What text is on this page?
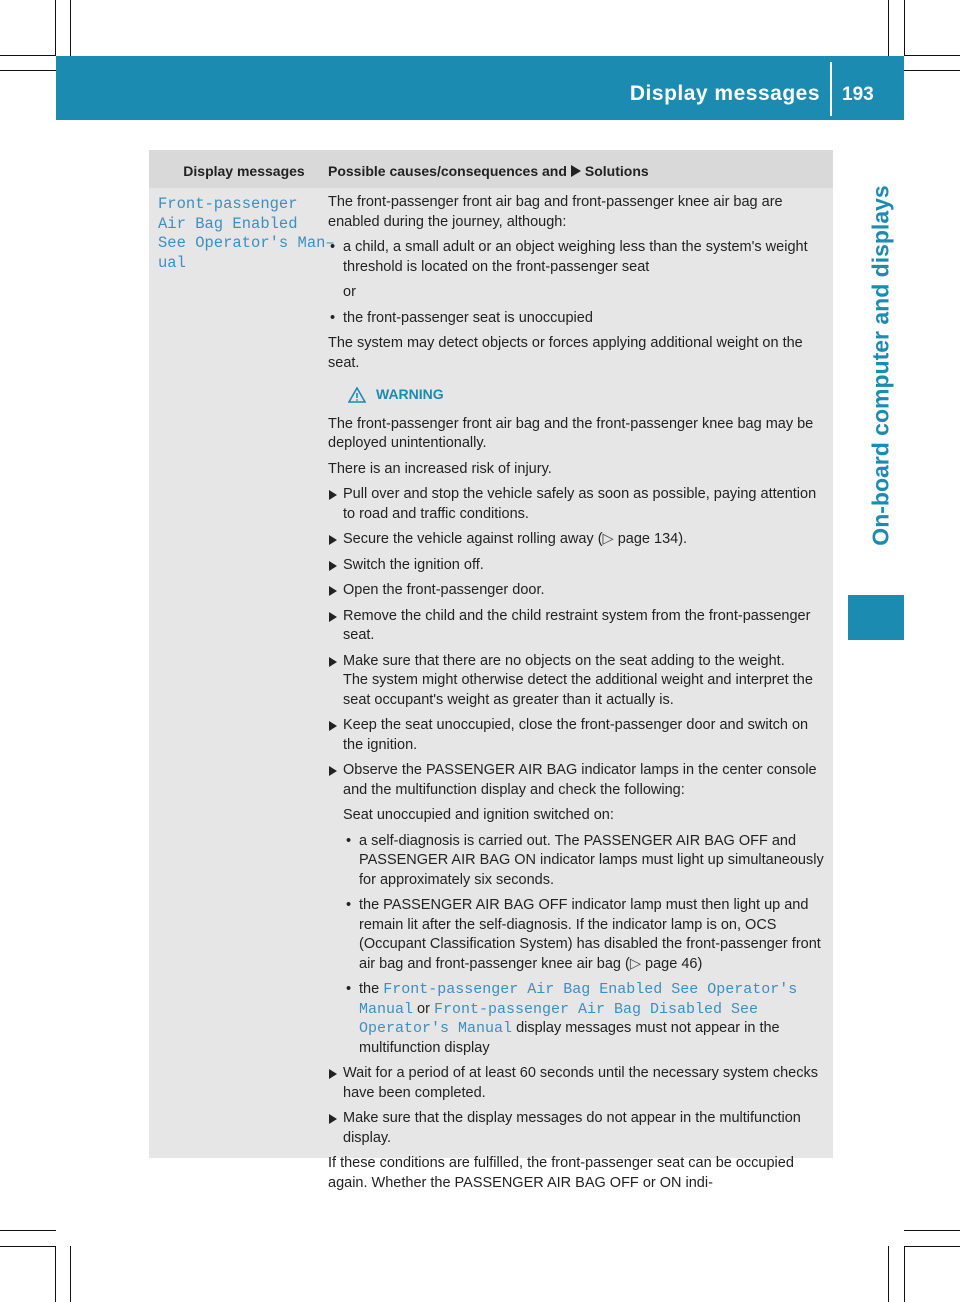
Display messages 193
On-board computer and displays
Display messages	Possible causes/consequences and Solutions
Front-passenger
Air Bag Enabled
See Operator's Man–
ual

The front-passenger front air bag and front-passenger knee air bag are enabled during the journey, although:

• a child, a small adult or an object weighing less than the system's weight threshold is located on the front-passenger seat
or
• the front-passenger seat is unoccupied

The system may detect objects or forces applying additional weight on the seat.

WARNING

The front-passenger front air bag and the front-passenger knee bag may be deployed unintentionally.

There is an increased risk of injury.

Pull over and stop the vehicle safely as soon as possible, paying attention to road and traffic conditions.
Secure the vehicle against rolling away (▷ page 134).
Switch the ignition off.
Open the front-passenger door.
Remove the child and the child restraint system from the front-passenger seat.
Make sure that there are no objects on the seat adding to the weight.
The system might otherwise detect the additional weight and interpret the seat occupant's weight as greater than it actually is.
Keep the seat unoccupied, close the front-passenger door and switch on the ignition.
Observe the PASSENGER AIR BAG indicator lamps in the center console and the multifunction display and check the following:
Seat unoccupied and ignition switched on:
• a self-diagnosis is carried out. The PASSENGER AIR BAG OFF and PASSENGER AIR BAG ON indicator lamps must light up simultaneously for approximately six seconds.
• the PASSENGER AIR BAG OFF indicator lamp must then light up and remain lit after the self-diagnosis. If the indicator lamp is on, OCS (Occupant Classification System) has disabled the front-passenger front air bag and front-passenger knee air bag (▷ page 46)
• the Front-passenger Air Bag Enabled See Operator's Manual or Front-passenger Air Bag Disabled See Operator's Manual display messages must not appear in the multifunction display
Wait for a period of at least 60 seconds until the necessary system checks have been completed.
Make sure that the display messages do not appear in the multifunction display.

If these conditions are fulfilled, the front-passenger seat can be occupied again. Whether the PASSENGER AIR BAG OFF or ON indi-
